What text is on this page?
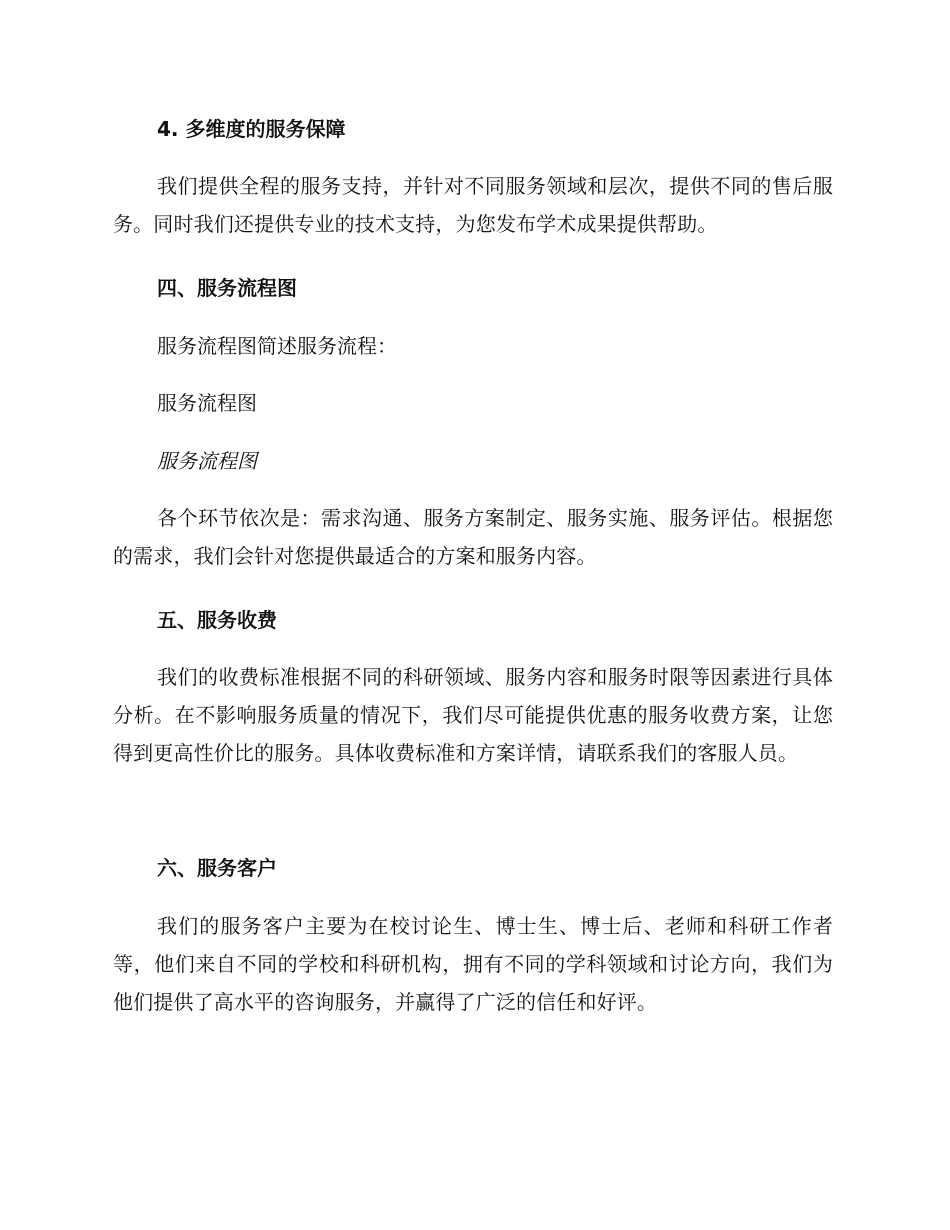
4. 多维度的服务保障
我们提供全程的服务支持，并针对不同服务领域和层次，提供不同的售后服务。同时我们还提供专业的技术支持，为您发布学术成果提供帮助。
四、服务流程图
服务流程图简述服务流程：
服务流程图
服务流程图
各个环节依次是：需求沟通、服务方案制定、服务实施、服务评估。根据您的需求，我们会针对您提供最适合的方案和服务内容。
五、服务收费
我们的收费标准根据不同的科研领域、服务内容和服务时限等因素进行具体分析。在不影响服务质量的情况下，我们尽可能提供优惠的服务收费方案，让您得到更高性价比的服务。具体收费标准和方案详情，请联系我们的客服人员。
六、服务客户
我们的服务客户主要为在校讨论生、博士生、博士后、老师和科研工作者等，他们来自不同的学校和科研机构，拥有不同的学科领域和讨论方向，我们为他们提供了高水平的咨询服务，并赢得了广泛的信任和好评。
